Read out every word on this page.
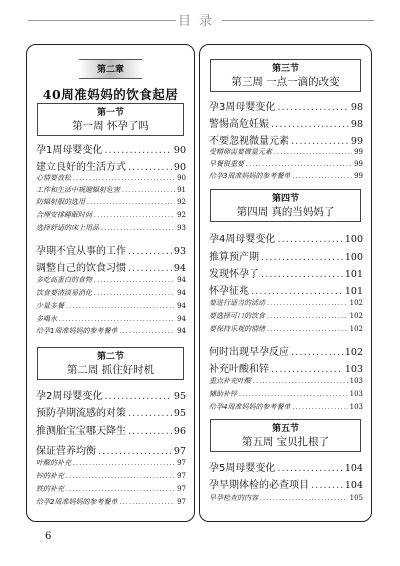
目录
第二章
40周准妈妈的饮食起居
第一节
第一周 怀孕了吗
孕1周母婴变化 .....	90
建立良好的生活方式 .....	90
心情要放松 .....	90
工作和生活中规避辐射危害 .....	91
防辐射服的选用 .....	92
合理安排睡眠时间 .....	92
选择舒适的床上用品 .....	93
孕期不宜从事的工作 .....	93
调整自己的饮食习惯 .....	94
多吃高蛋白的食物 .....	94
饮食要清淡易消化 .....	94
少量多餐 .....	94
多喝水 .....	94
给孕1周准妈妈的参考餐单 .....	94
第二节
第二周 抓住好时机
孕2周母婴变化 .....	95
预防孕期流感的对策 .....	95
推测胎宝宝哪天降生 .....	96
保证营养均衡 .....	97
叶酸的补充 .....	97
锌的补充 .....	97
铁的补充 .....	97
给孕2周准妈妈的参考餐单 .....	97
第三节
第三周 一点一滴的改变
孕3周母婴变化 .....	98
警惕高危妊娠 .....	98
不要忽视微量元素 .....	99
受精卵需要微量元素 .....	99
早餐很重要 .....	99
给孕3周准妈妈的参考餐单 .....	99
第四节
第四周 真的当妈妈了
孕4周母婴变化 .....	100
推算预产期 .....	100
发现怀孕了 .....	101
怀孕征兆 .....	101
要进行适当的活动 .....	102
要选择可口的饮食 .....	102
要保持乐观的情绪 .....	102
何时出现早孕反应 .....	102
补充叶酸和锌 .....	103
重点补充叶酸 .....	103
辅助补锌 .....	103
给孕4周准妈妈的参考餐单 .....	103
第五节
第五周 宝贝扎根了
孕5周母婴变化 .....	104
孕早期体检的必查项目 .....	104
早孕检查的内容 .....	105
6
